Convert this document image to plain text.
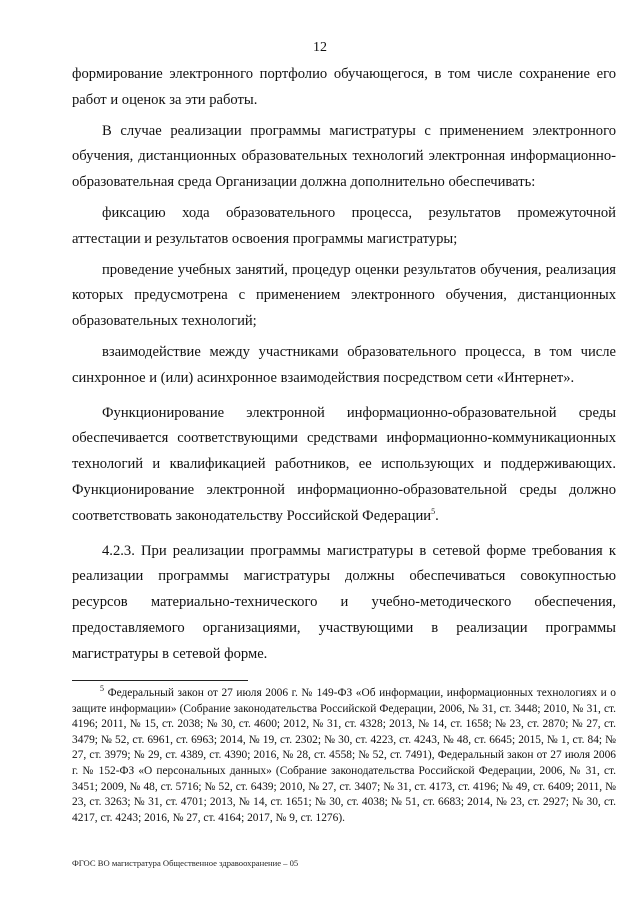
12

формирование электронного портфолио обучающегося, в том числе сохранение его работ и оценок за эти работы.

В случае реализации программы магистратуры с применением электронного обучения, дистанционных образовательных технологий электронная информационно-образовательная среда Организации должна дополнительно обеспечивать:

фиксацию хода образовательного процесса, результатов промежуточной аттестации и результатов освоения программы магистратуры;

проведение учебных занятий, процедур оценки результатов обучения, реализация которых предусмотрена с применением электронного обучения, дистанционных образовательных технологий;

взаимодействие между участниками образовательного процесса, в том числе синхронное и (или) асинхронное взаимодействия посредством сети «Интернет».

Функционирование электронной информационно-образовательной среды обеспечивается соответствующими средствами информационно-коммуникационных технологий и квалификацией работников, ее использующих и поддерживающих. Функционирование электронной информационно-образовательной среды должно соответствовать законодательству Российской Федерации$^5$.

4.2.3. При реализации программы магистратуры в сетевой форме требования к реализации программы магистратуры должны обеспечиваться совокупностью ресурсов материально-технического и учебно-методического обеспечения, предоставляемого организациями, участвующими в реализации программы магистратуры в сетевой форме.

$^5$ Федеральный закон от 27 июля 2006 г. № 149-ФЗ «Об информации, информационных технологиях и о защите информации» (Собрание законодательства Российской Федерации, 2006, № 31, ст. 3448; 2010, № 31, ст. 4196; 2011, № 15, ст. 2038; № 30, ст. 4600; 2012, № 31, ст. 4328; 2013, № 14, ст. 1658; № 23, ст. 2870; № 27, ст. 3479; № 52, ст. 6961, ст. 6963; 2014, № 19, ст. 2302; № 30, ст. 4223, ст. 4243, № 48, ст. 6645; 2015, № 1, ст. 84; № 27, ст. 3979; № 29, ст. 4389, ст. 4390; 2016, № 28, ст. 4558; № 52, ст. 7491), Федеральный закон от 27 июля 2006 г. № 152-ФЗ «О персональных данных» (Собрание законодательства Российской Федерации, 2006, № 31, ст. 3451; 2009, № 48, ст. 5716; № 52, ст. 6439; 2010, № 27, ст. 3407; № 31, ст. 4173, ст. 4196; № 49, ст. 6409; 2011, № 23, ст. 3263; № 31, ст. 4701; 2013, № 14, ст. 1651; № 30, ст. 4038; № 51, ст. 6683; 2014, № 23, ст. 2927; № 30, ст. 4217, ст. 4243; 2016, № 27, ст. 4164; 2017, № 9, ст. 1276).

ФГОС ВО магистратура Общественное здравоохранение – 05
